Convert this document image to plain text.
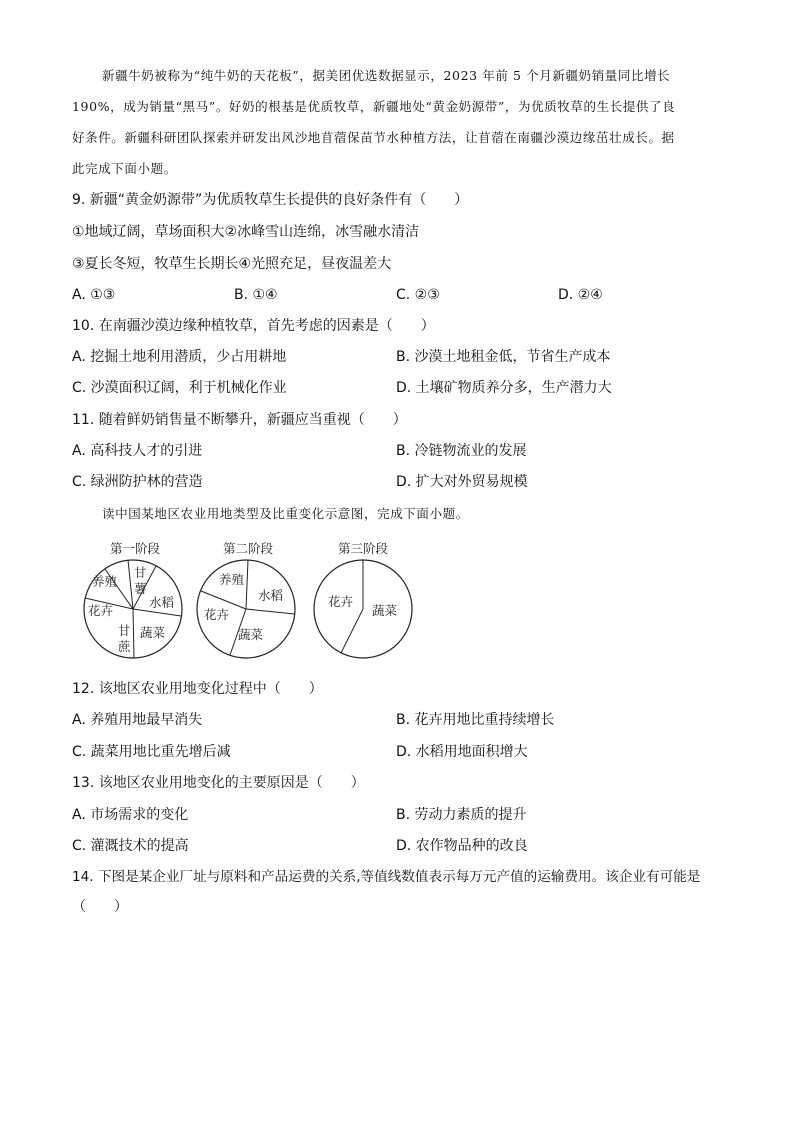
新疆牛奶被称为“纯牛奶的天花板”，据美团优选数据显示，2023 年前 5 个月新疆奶销量同比增长
190%，成为销量“黑马”。好奶的根基是优质牧草，新疆地处“黄金奶源带”，为优质牧草的生长提供了良
好条件。新疆科研团队探索并研发出风沙地苜蓿保苗节水种植方法，让苜蓿在南疆沙漠边缘茁壮成长。据
此完成下面小题。
9. 新疆“黄金奶源带”为优质牧草生长提供的良好条件有（　　）
①地域辽阔，草场面积大②冰峰雪山连绵，冰雪融水清洁
③夏长冬短，牧草生长期长④光照充足，昼夜温差大
A. ①③	B. ①④	C. ②③	D. ②④
10. 在南疆沙漠边缘种植牧草，首先考虑的因素是（　　）
A. 挖掘土地利用潜质，少占用耕地	B. 沙漠土地租金低，节省生产成本
C. 沙漠面积辽阔，利于机械化作业	D. 土壤矿物质养分多，生产潜力大
11. 随着鲜奶销售量不断攀升，新疆应当重视（　　）
A. 高科技人才的引进	B. 冷链物流业的发展
C. 绿洲防护林的营造	D. 扩大对外贸易规模
读中国某地区农业用地类型及比重变化示意图，完成下面小题。
第一阶段
养殖
甘
薯
水稻
花卉
甘
蔗
蔬菜
第二阶段
养殖
水稻
花卉
蔬菜
第三阶段
花卉
蔬菜
12. 该地区农业用地变化过程中（　　）
A. 养殖用地最早消失	B. 花卉用地比重持续增长
C. 蔬菜用地比重先增后减	D. 水稻用地面积增大
13. 该地区农业用地变化的主要原因是（　　）
A. 市场需求的变化	B. 劳动力素质的提升
C. 灌溉技术的提高	D. 农作物品种的改良
14. 下图是某企业厂址与原料和产品运费的关系,等值线数值表示每万元产值的运输费用。该企业有可能是
（　　）
